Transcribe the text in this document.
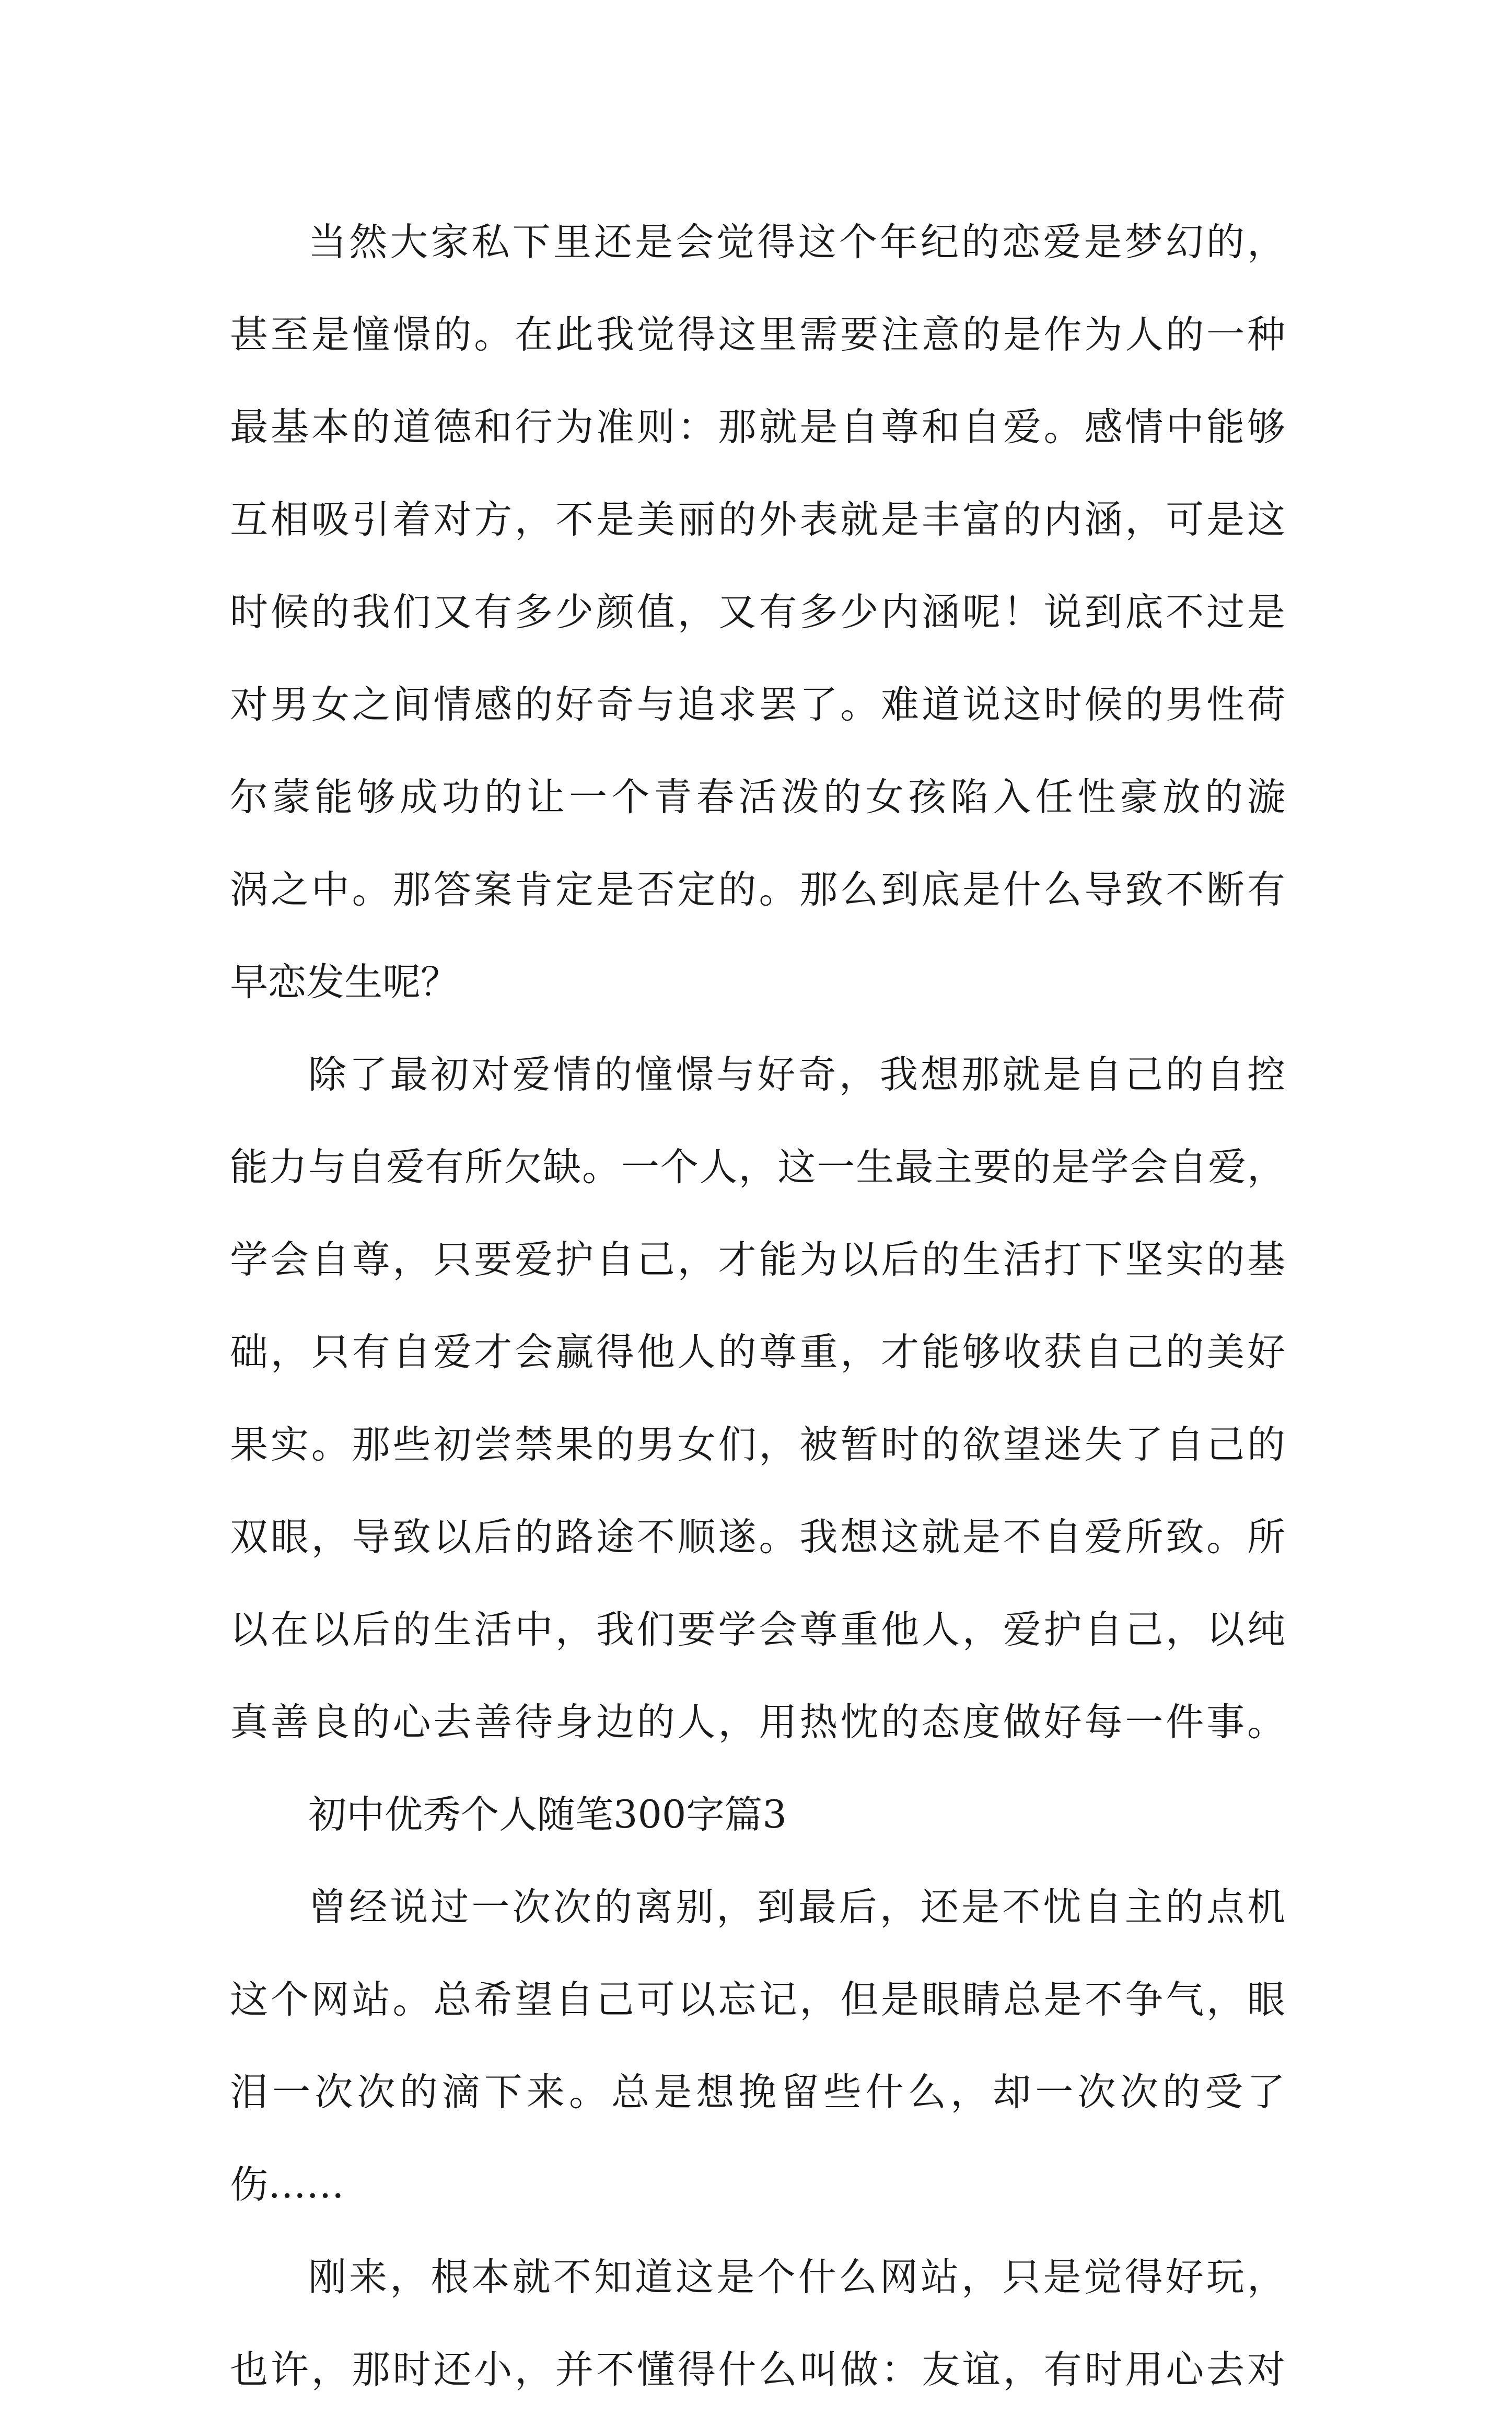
当然大家私下里还是会觉得这个年纪的恋爱是梦幻的，
甚至是憧憬的。在此我觉得这里需要注意的是作为人的一种
最基本的道德和行为准则：那就是自尊和自爱。感情中能够
互相吸引着对方，不是美丽的外表就是丰富的内涵，可是这
时候的我们又有多少颜值，又有多少内涵呢！说到底不过是
对男女之间情感的好奇与追求罢了。难道说这时候的男性荷
尔蒙能够成功的让一个青春活泼的女孩陷入任性豪放的漩
涡之中。那答案肯定是否定的。那么到底是什么导致不断有
早恋发生呢？
除了最初对爱情的憧憬与好奇，我想那就是自己的自控
能力与自爱有所欠缺。一个人，这一生最主要的是学会自爱，
学会自尊，只要爱护自己，才能为以后的生活打下坚实的基
础，只有自爱才会赢得他人的尊重，才能够收获自己的美好
果实。那些初尝禁果的男女们，被暂时的欲望迷失了自己的
双眼，导致以后的路途不顺遂。我想这就是不自爱所致。所
以在以后的生活中，我们要学会尊重他人，爱护自己，以纯
真善良的心去善待身边的人，用热忱的态度做好每一件事。
初中优秀个人随笔300字篇3
曾经说过一次次的离别，到最后，还是不忧自主的点机
这个网站。总希望自己可以忘记，但是眼睛总是不争气，眼
泪一次次的滴下来。总是想挽留些什么，却一次次的受了
伤……
刚来，根本就不知道这是个什么网站，只是觉得好玩，
也许，那时还小，并不懂得什么叫做：友谊，有时用心去对
